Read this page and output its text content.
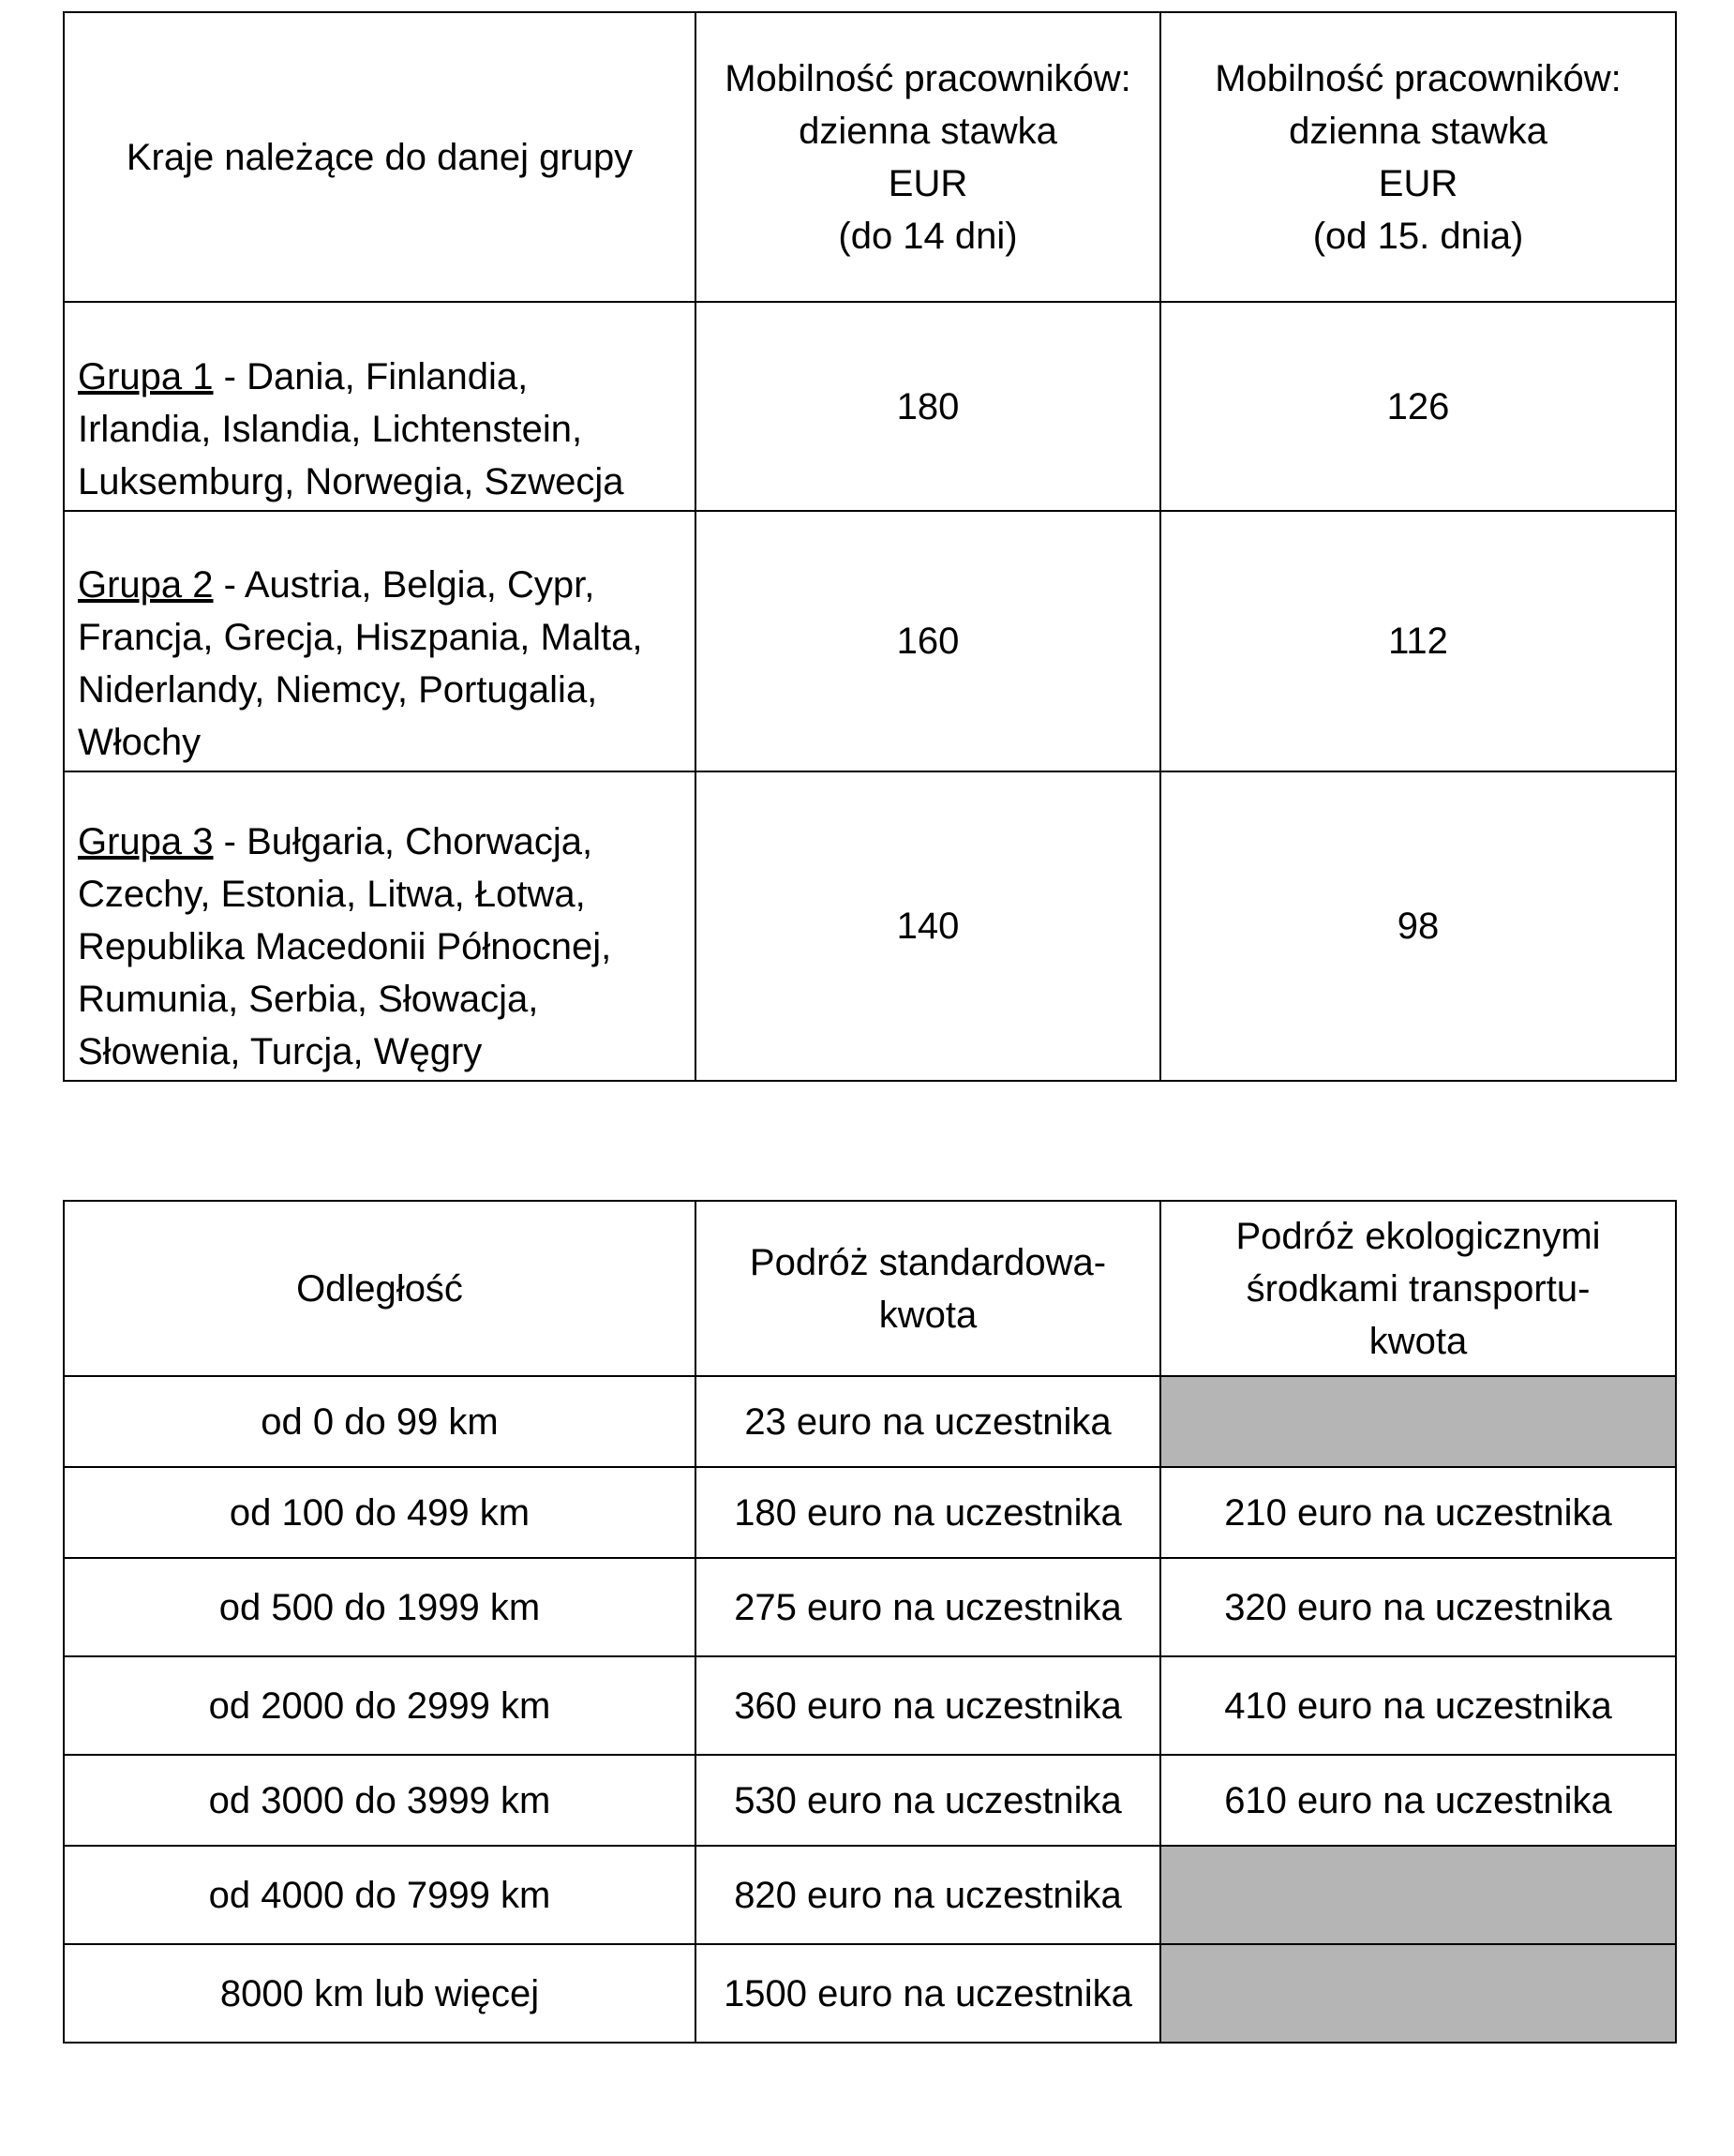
Kraje należące do danej grupy	Mobilność pracowników:
dzienna stawka
EUR
(do 14 dni)	Mobilność pracowników:
dzienna stawka
EUR
(od 15. dnia)
Grupa 1 - Dania, Finlandia,
Irlandia, Islandia, Lichtenstein,
Luksemburg, Norwegia, Szwecja	180	126
Grupa 2 - Austria, Belgia, Cypr,
Francja, Grecja, Hiszpania, Malta,
Niderlandy, Niemcy, Portugalia,
Włochy	160	112
Grupa 3 - Bułgaria, Chorwacja,
Czechy, Estonia, Litwa, Łotwa,
Republika Macedonii Północnej,
Rumunia, Serbia, Słowacja,
Słowenia, Turcja, Węgry	140	98
Odległość	Podróż standardowa-
kwota	Podróż ekologicznymi
środkami transportu-
kwota
od 0 do 99 km	23 euro na uczestnika	
od 100 do 499 km	180 euro na uczestnika	210 euro na uczestnika
od 500 do 1999 km	275 euro na uczestnika	320 euro na uczestnika
od 2000 do 2999 km	360 euro na uczestnika	410 euro na uczestnika
od 3000 do 3999 km	530 euro na uczestnika	610 euro na uczestnika
od 4000 do 7999 km	820 euro na uczestnika	
8000 km lub więcej	1500 euro na uczestnika	
